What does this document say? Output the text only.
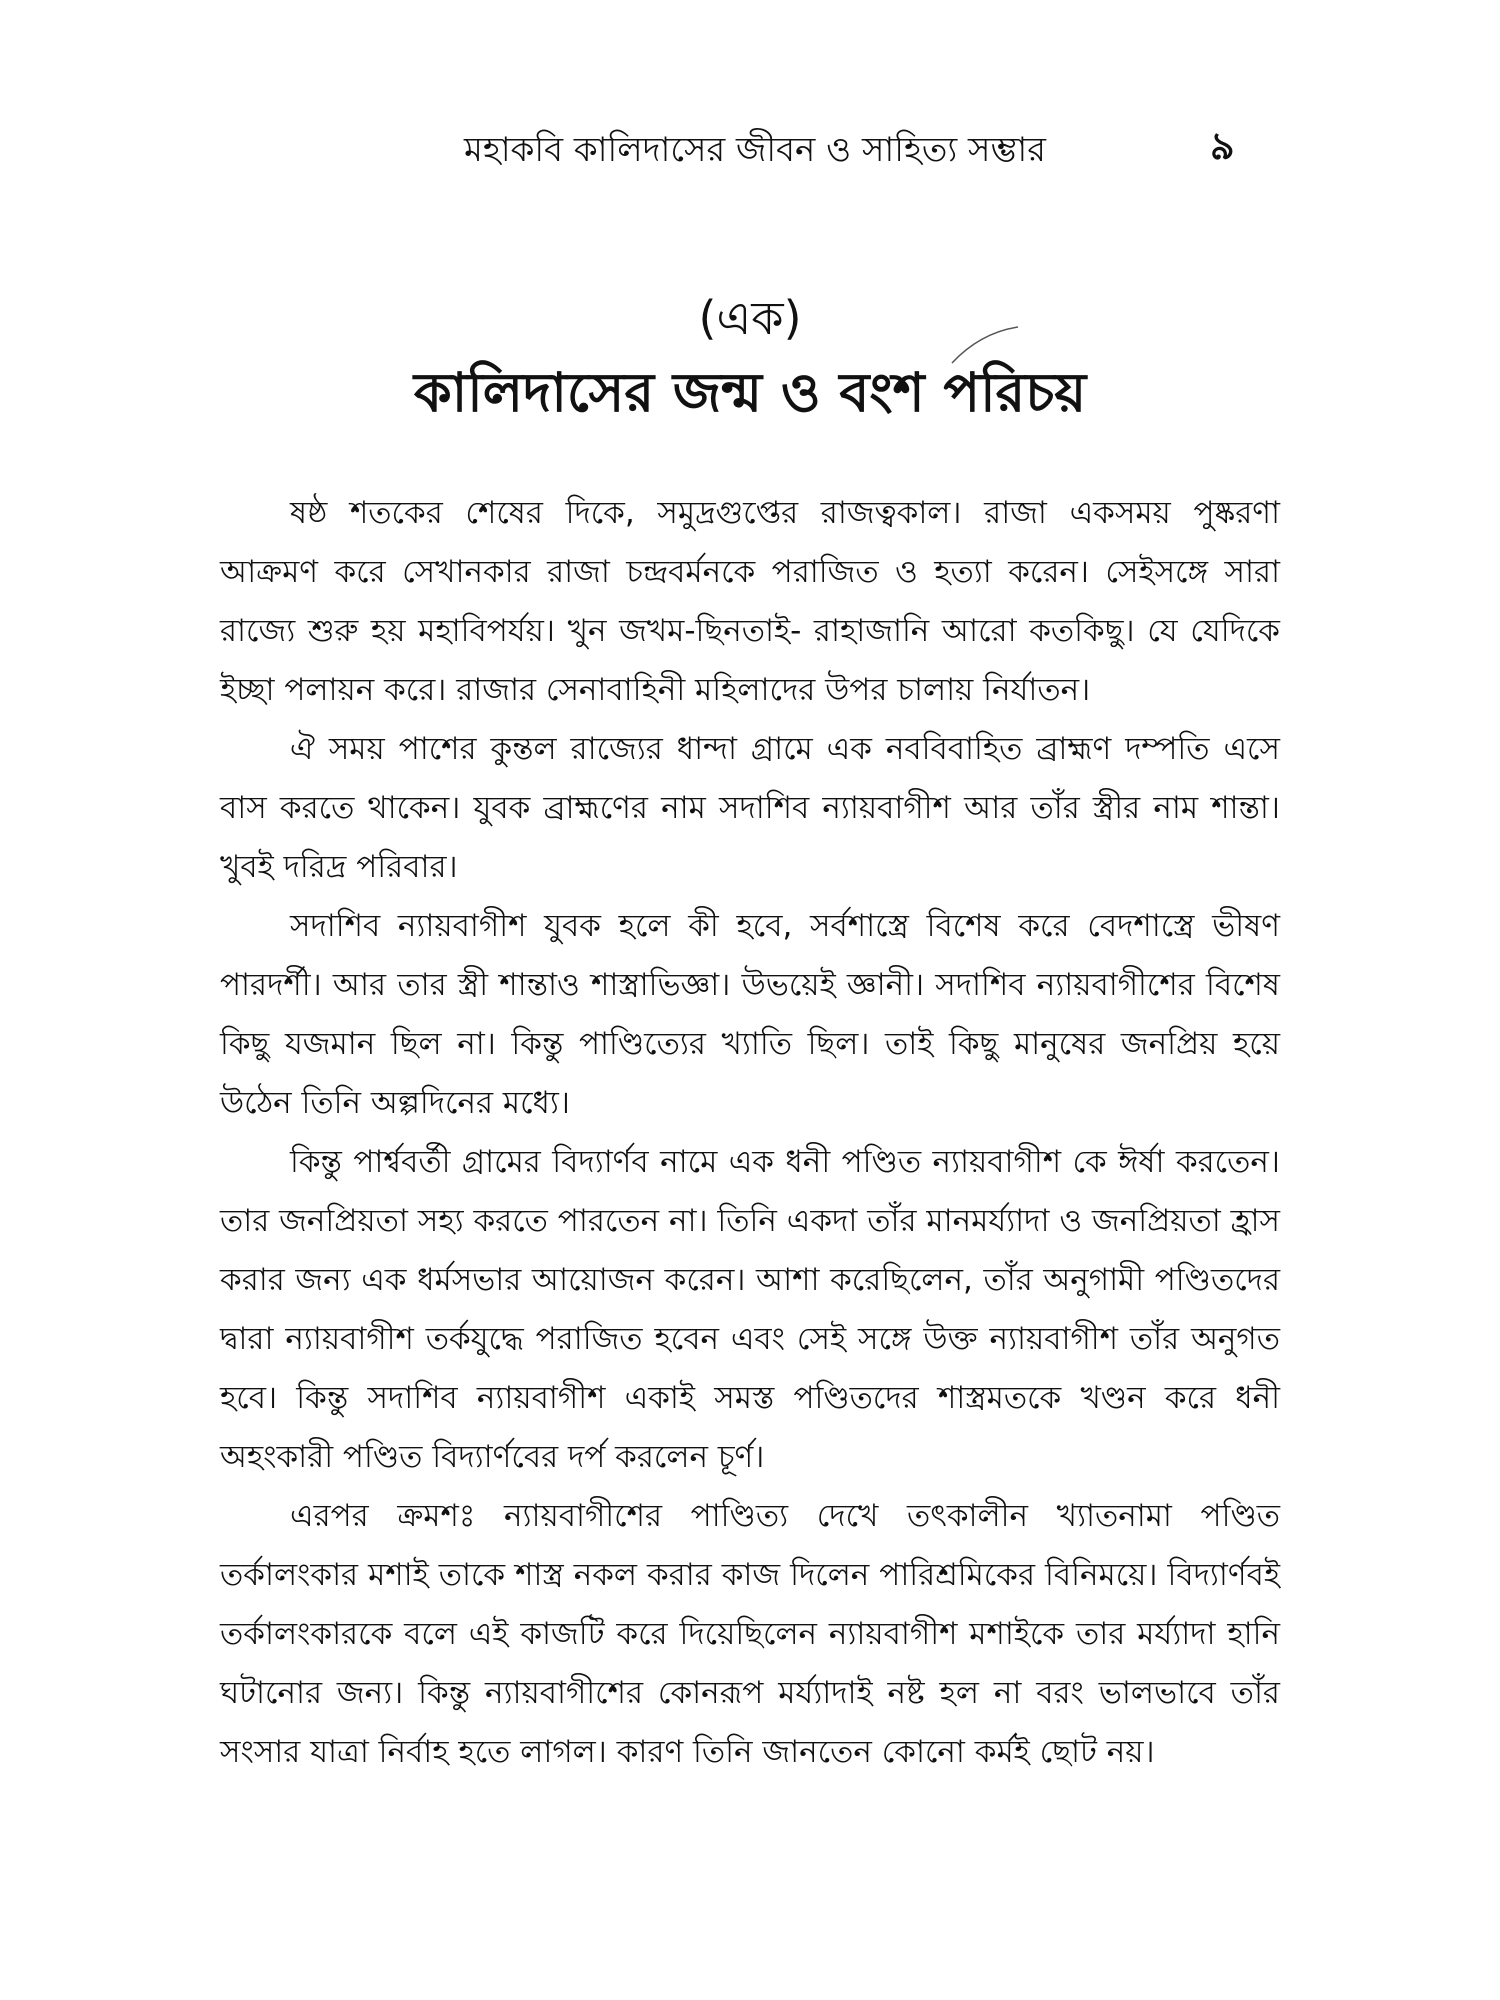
মহাকবি কালিদাসের জীবন ও সাহিত্য সম্ভার	৯
(এক)
কালিদাসের জন্ম ও বংশ পরিচয়

ষষ্ঠ শতকের শেষের দিকে, সমুদ্রগুপ্তের রাজত্বকাল। রাজা একসময় পুষ্করণা আক্রমণ করে সেখানকার রাজা চন্দ্রবর্মনকে পরাজিত ও হত্যা করেন। সেইসঙ্গে সারা রাজ্যে শুরু হয় মহাবিপর্যয়। খুন জখম-ছিনতাই- রাহাজানি আরো কতকিছু। যে যেদিকে ইচ্ছা পলায়ন করে। রাজার সেনাবাহিনী মহিলাদের উপর চালায় নির্যাতন।

ঐ সময় পাশের কুন্তল রাজ্যের ধান্দা গ্রামে এক নববিবাহিত ব্রাহ্মণ দম্পতি এসে বাস করতে থাকেন। যুবক ব্রাহ্মণের নাম সদাশিব ন্যায়বাগীশ আর তাঁর স্ত্রীর নাম শান্তা। খুবই দরিদ্র পরিবার।

সদাশিব ন্যায়বাগীশ যুবক হলে কী হবে, সর্বশাস্ত্রে বিশেষ করে বেদশাস্ত্রে ভীষণ পারদর্শী। আর তার স্ত্রী শান্তাও শাস্ত্রাভিজ্ঞা। উভয়েই জ্ঞানী। সদাশিব ন্যায়বাগীশের বিশেষ কিছু যজমান ছিল না। কিন্তু পাণ্ডিত্যের খ্যাতি ছিল। তাই কিছু মানুষের জনপ্রিয় হয়ে উঠেন তিনি অল্পদিনের মধ্যে।

কিন্তু পার্শ্ববর্তী গ্রামের বিদ্যার্ণব নামে এক ধনী পণ্ডিত ন্যায়বাগীশ কে ঈর্ষা করতেন। তার জনপ্রিয়তা সহ্য করতে পারতেন না। তিনি একদা তাঁর মানমর্য্যাদা ও জনপ্রিয়তা হ্রাস করার জন্য এক ধর্মসভার আয়োজন করেন। আশা করেছিলেন, তাঁর অনুগামী পণ্ডিতদের দ্বারা ন্যায়বাগীশ তর্কযুদ্ধে পরাজিত হবেন এবং সেই সঙ্গে উক্ত ন্যায়বাগীশ তাঁর অনুগত হবে। কিন্তু সদাশিব ন্যায়বাগীশ একাই সমস্ত পণ্ডিতদের শাস্ত্রমতকে খণ্ডন করে ধনী অহংকারী পণ্ডিত বিদ্যার্ণবের দর্প করলেন চূর্ণ।

এরপর ক্রমশঃ ন্যায়বাগীশের পাণ্ডিত্য দেখে তৎকালীন খ্যাতনামা পণ্ডিত তর্কালংকার মশাই তাকে শাস্ত্র নকল করার কাজ দিলেন পারিশ্রমিকের বিনিময়ে। বিদ্যার্ণবই তর্কালংকারকে বলে এই কাজটি করে দিয়েছিলেন ন্যায়বাগীশ মশাইকে তার মর্য্যাদা হানি ঘটানোর জন্য। কিন্তু ন্যায়বাগীশের কোনরূপ মর্য্যাদাই নষ্ট হল না বরং ভালভাবে তাঁর সংসার যাত্রা নির্বাহ হতে লাগল। কারণ তিনি জানতেন কোনো কর্মই ছোট নয়।
